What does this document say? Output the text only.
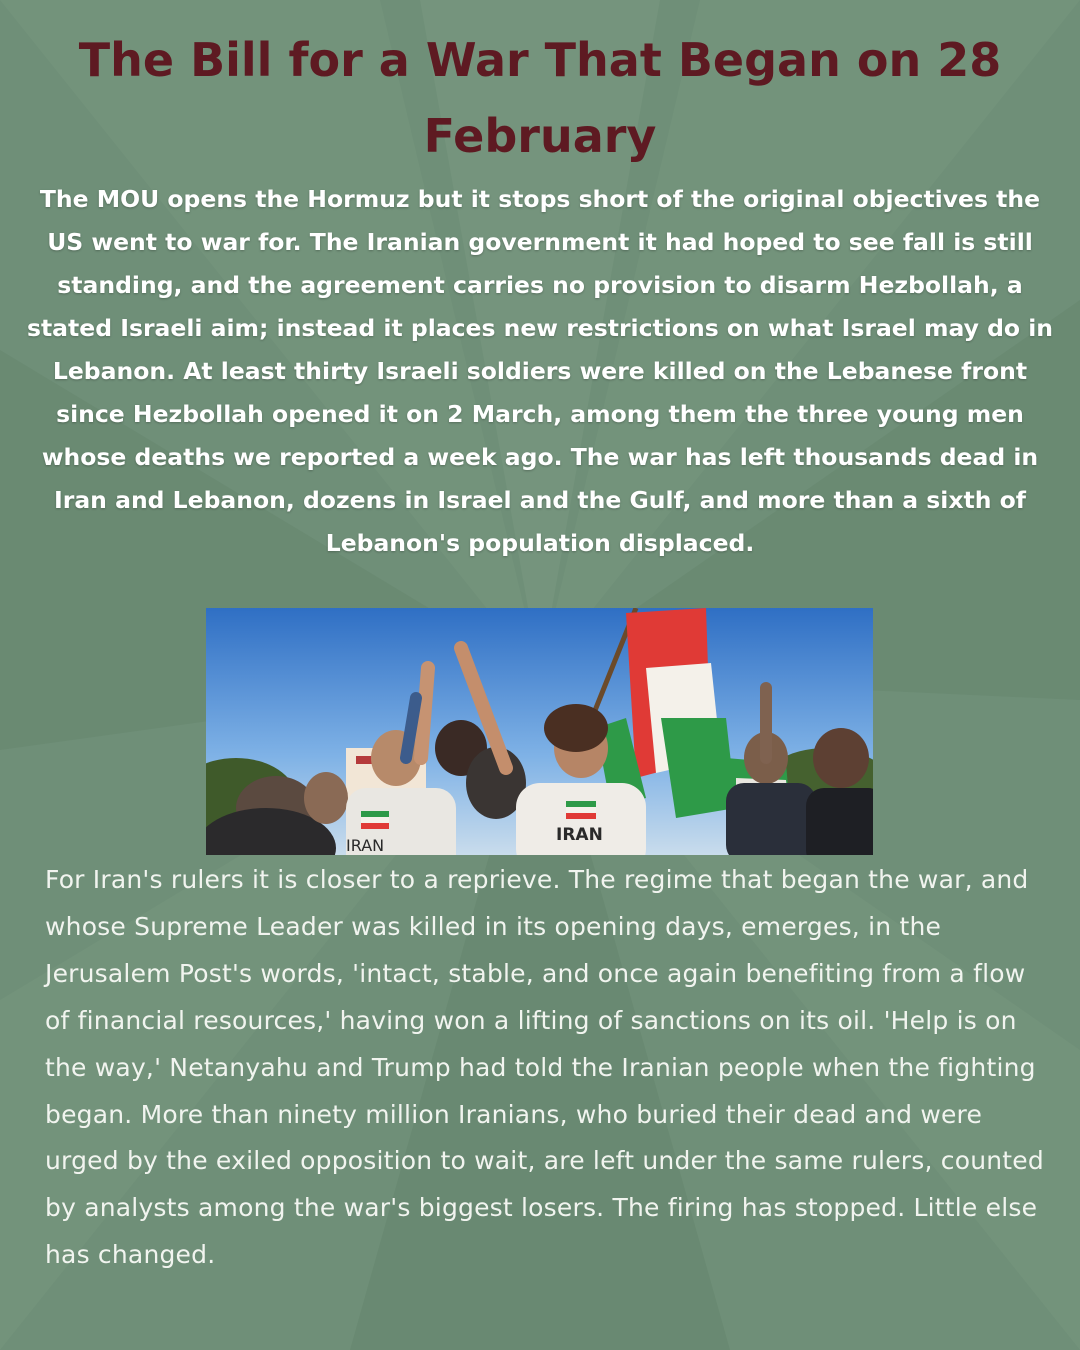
The Bill for a War That Began on 28 February

The MOU opens the Hormuz but it stops short of the original objectives the US went to war for. The Iranian government it had hoped to see fall is still standing, and the agreement carries no provision to disarm Hezbollah, a stated Israeli aim; instead it places new restrictions on what Israel may do in Lebanon. At least thirty Israeli soldiers were killed on the Lebanese front since Hezbollah opened it on 2 March, among them the three young men whose deaths we reported a week ago. The war has left thousands dead in Iran and Lebanon, dozens in Israel and the Gulf, and more than a sixth of Lebanon's population displaced.

IRAN
IRAN

For Iran's rulers it is closer to a reprieve. The regime that began the war, and whose Supreme Leader was killed in its opening days, emerges, in the Jerusalem Post's words, 'intact, stable, and once again benefiting from a flow of financial resources,' having won a lifting of sanctions on its oil. 'Help is on the way,' Netanyahu and Trump had told the Iranian people when the fighting began. More than ninety million Iranians, who buried their dead and were urged by the exiled opposition to wait, are left under the same rulers, counted by analysts among the war's biggest losers. The firing has stopped. Little else has changed.
